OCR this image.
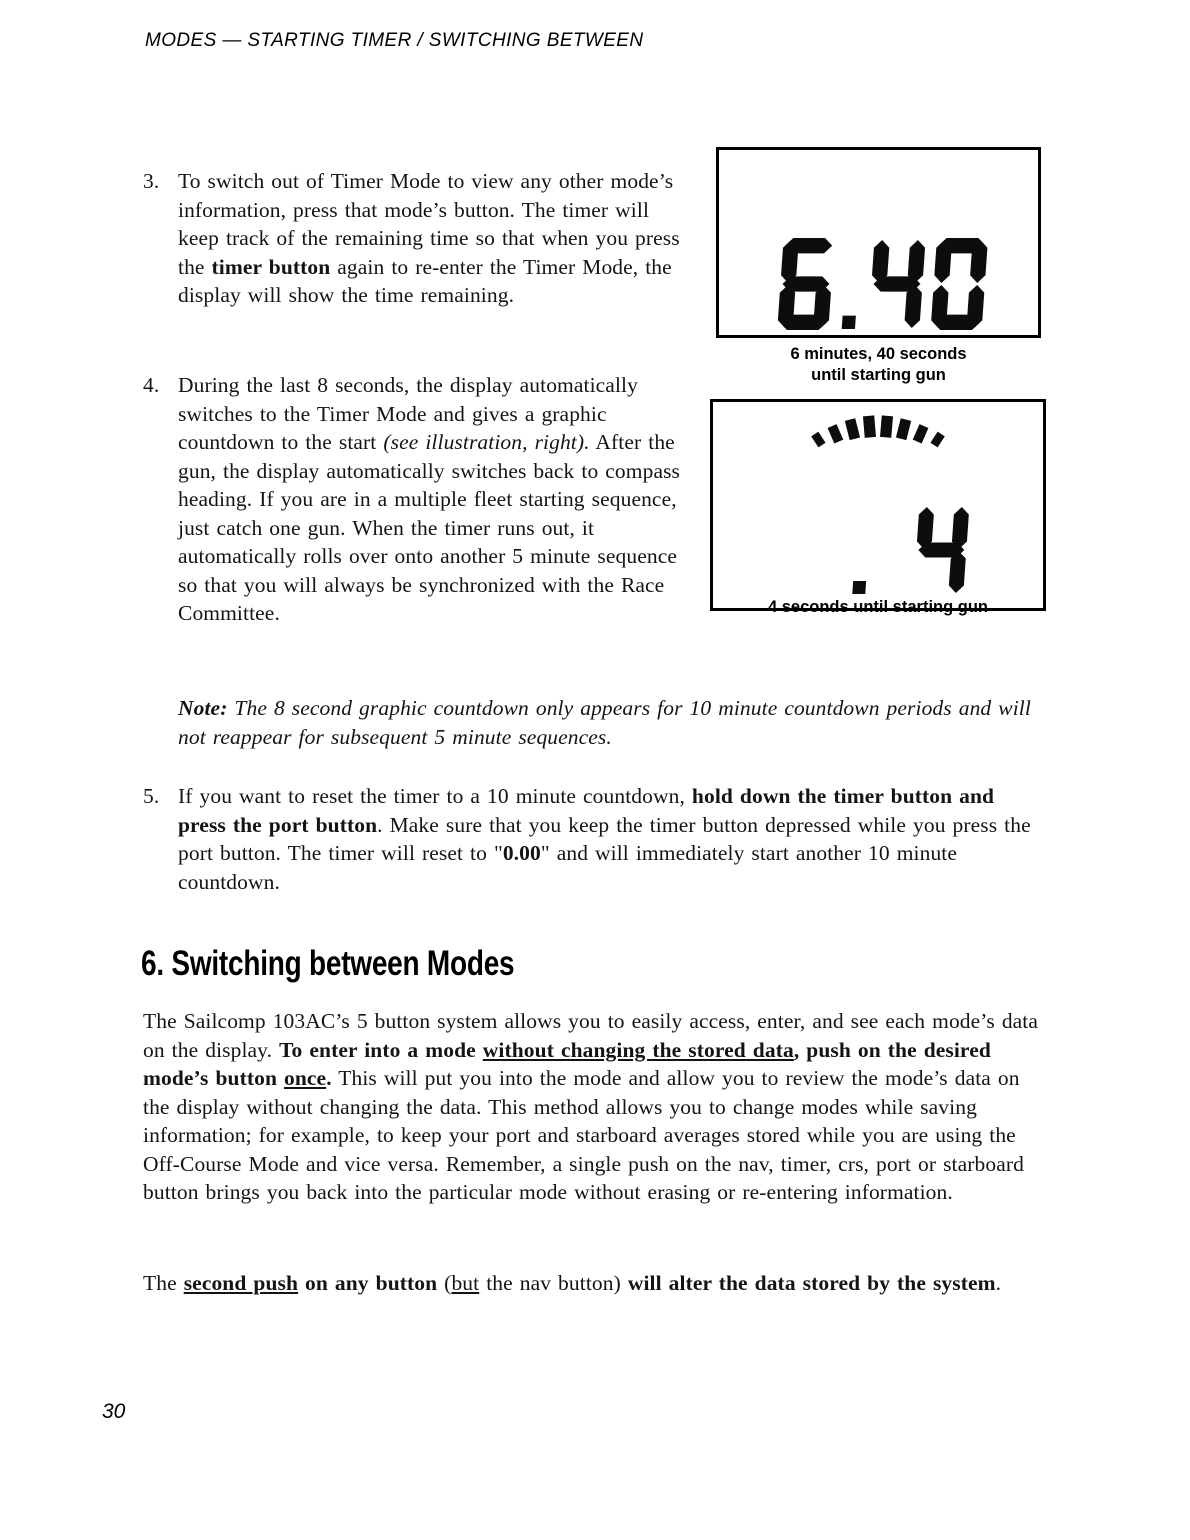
MODES — STARTING TIMER / SWITCHING BETWEEN
3. To switch out of Timer Mode to view any other mode’s information, press that mode’s button. The timer will keep track of the remaining time so that when you press the timer button again to re-enter the Timer Mode, the display will show the time remaining.
4. During the last 8 seconds, the display automatically switches to the Timer Mode and gives a graphic countdown to the start (see illustration, right). After the gun, the display automatically switches back to compass heading. If you are in a multiple fleet starting sequence, just catch one gun. When the timer runs out, it automatically rolls over onto another 5 minute sequence so that you will always be synchronized with the Race Committee.
6 minutes, 40 seconds
until starting gun
4 seconds until starting gun
Note: The 8 second graphic countdown only appears for 10 minute countdown periods and will not reappear for subsequent 5 minute sequences.
5. If you want to reset the timer to a 10 minute countdown, hold down the timer button and press the port button. Make sure that you keep the timer button depressed while you press the port button. The timer will reset to "0.00" and will immediately start another 10 minute countdown.
6. Switching between Modes
The Sailcomp 103AC’s 5 button system allows you to easily access, enter, and see each mode’s data on the display. To enter into a mode without changing the stored data, push on the desired mode’s button once. This will put you into the mode and allow you to review the mode’s data on the display without changing the data. This method allows you to change modes while saving information; for example, to keep your port and starboard averages stored while you are using the Off-Course Mode and vice versa. Remember, a single push on the nav, timer, crs, port or starboard button brings you back into the particular mode without erasing or re-entering information.
The second push on any button (but the nav button) will alter the data stored by the system.
30
